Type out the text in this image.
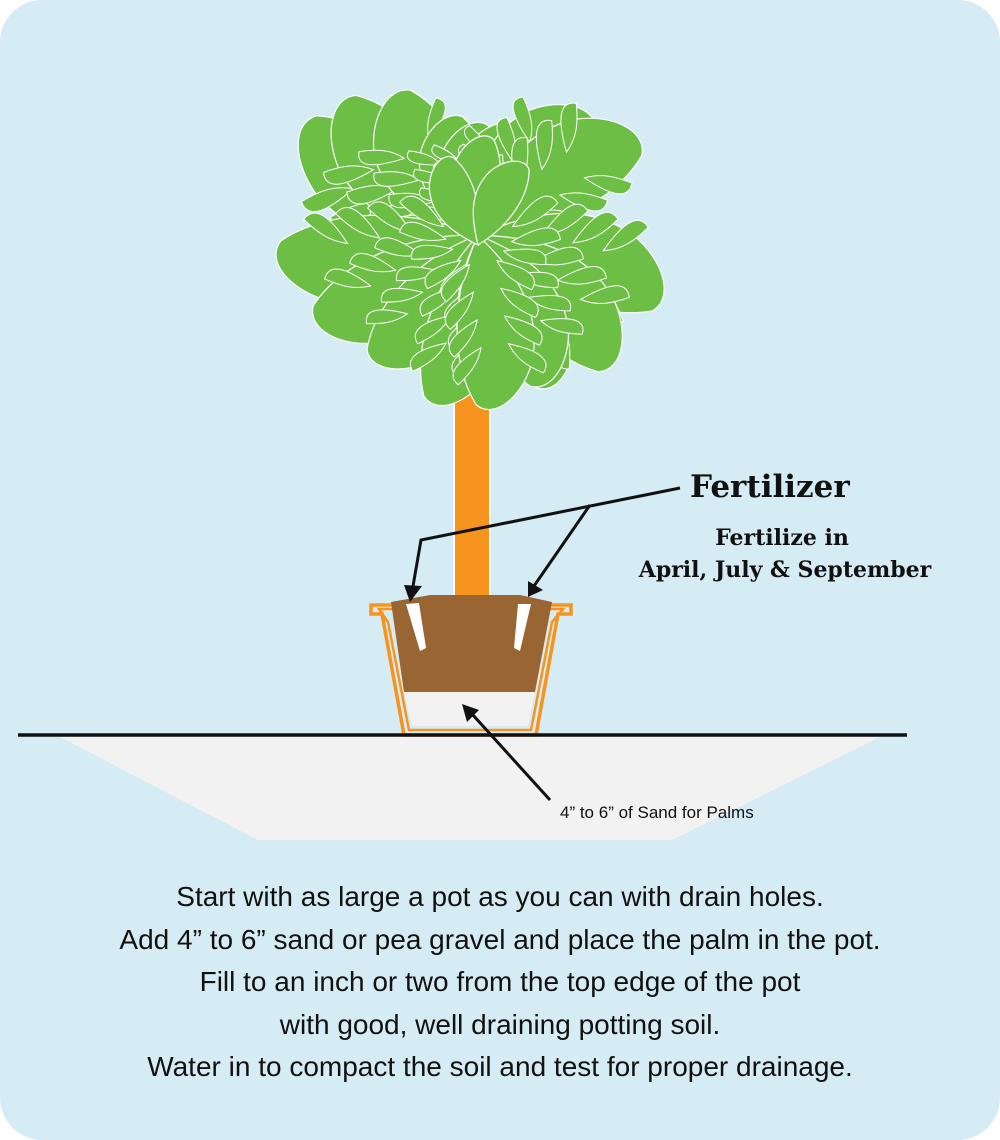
Fertilizer
Fertilize in
April, July & September
4” to 6” of Sand for Palms
Start with as large a pot as you can with drain holes.
Add 4” to 6” sand or pea gravel and place the palm in the pot.
Fill to an inch or two from the top edge of the pot
with good, well draining potting soil.
Water in to compact the soil and test for proper drainage.
